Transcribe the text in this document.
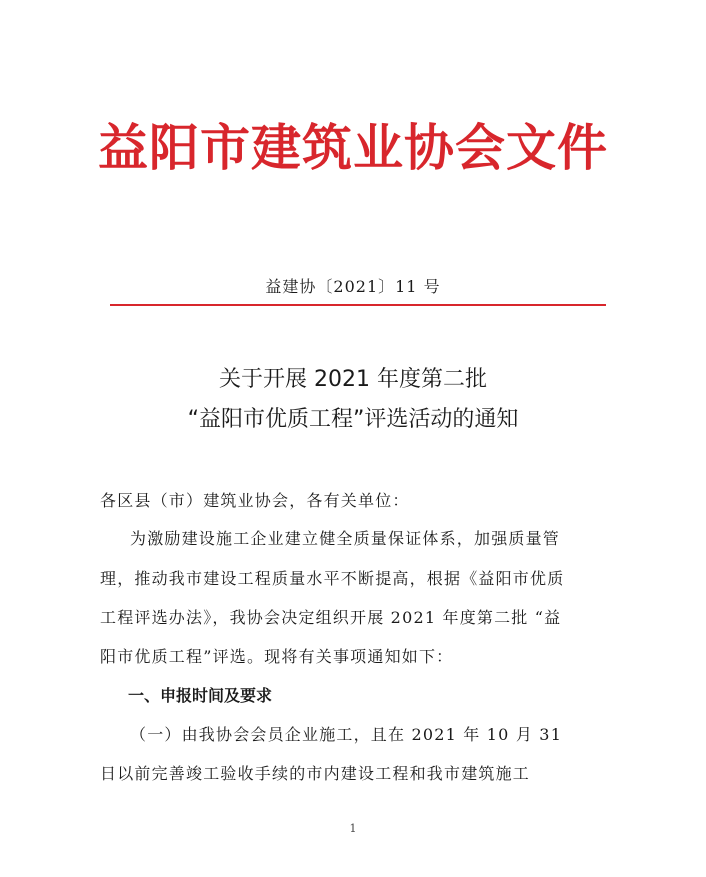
益阳市建筑业协会文件
益建协〔2021〕11 号
关于开展 2021 年度第二批
“益阳市优质工程”评选活动的通知
各区县（市）建筑业协会，各有关单位：
为激励建设施工企业建立健全质量保证体系，加强质量管
理，推动我市建设工程质量水平不断提高，根据《益阳市优质
工程评选办法》，我协会决定组织开展 2021 年度第二批 “益
阳市优质工程”评选。现将有关事项通知如下：
一、申报时间及要求
（一）由我协会会员企业施工，且在 2021 年 10 月 31
日以前完善竣工验收手续的市内建设工程和我市建筑施工
1
